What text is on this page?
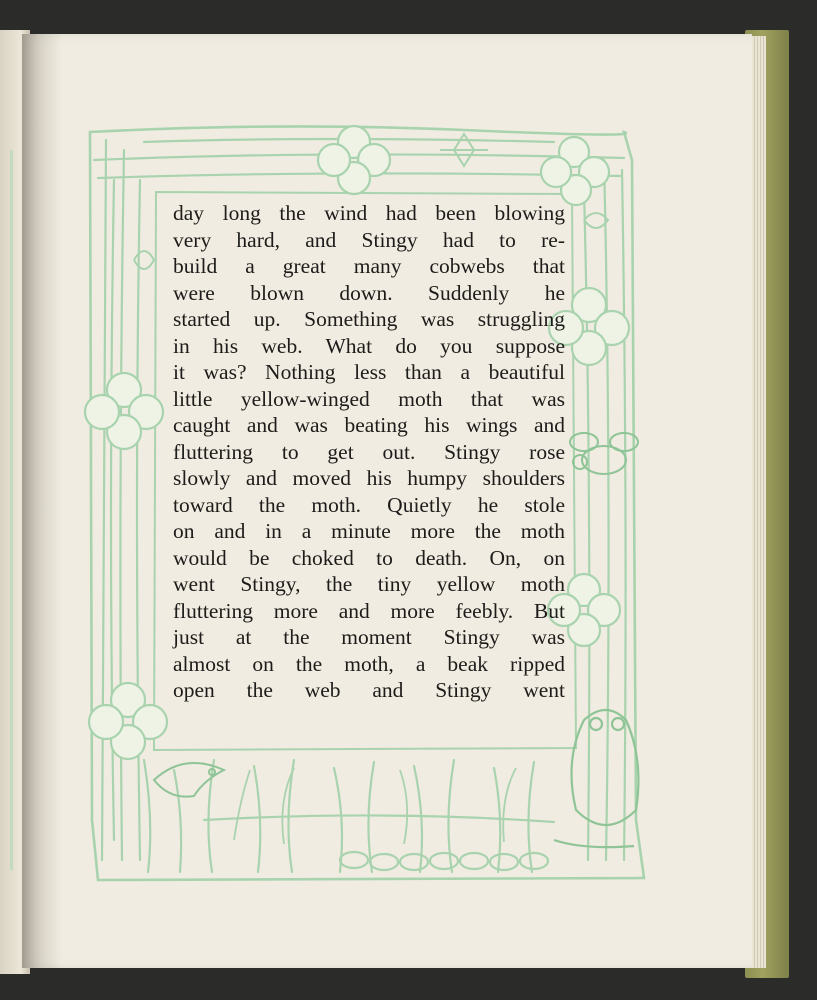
day long the wind had been blowing
very hard, and Stingy had to re-
build a great many cobwebs that
were blown down. Suddenly he
started up. Something was struggling
in his web. What do you suppose
it was? Nothing less than a beautiful
little yellow-winged moth that was
caught and was beating his wings and
fluttering to get out. Stingy rose
slowly and moved his humpy shoulders
toward the moth. Quietly he stole
on and in a minute more the moth
would be choked to death. On, on
went Stingy, the tiny yellow moth
fluttering more and more feebly. But
just at the moment Stingy was
almost on the moth, a beak ripped
open the web and Stingy went
